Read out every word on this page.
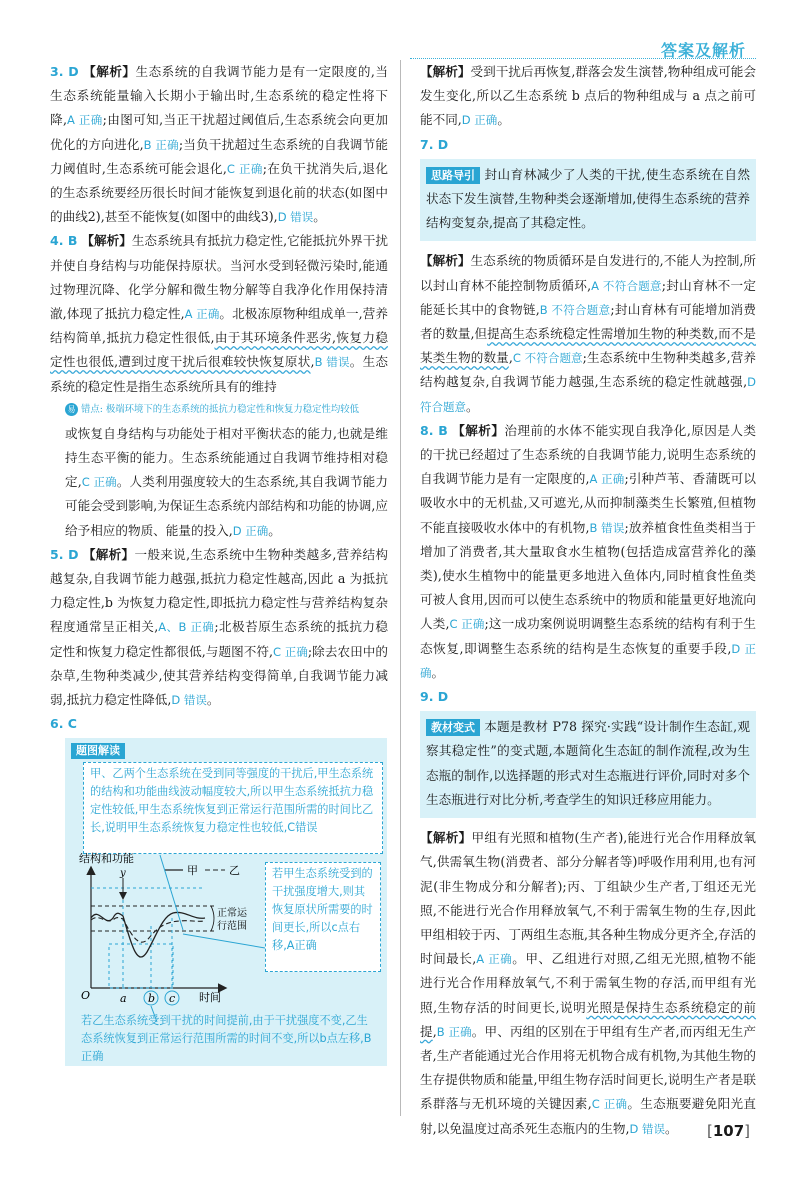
答案及解析

3. D 【解析】生态系统的自我调节能力是有一定限度的,当生态系统能量输入长期小于输出时,生态系统的稳定性将下降,A 正确;由图可知,当正干扰超过阈值后,生态系统会向更加优化的方向进化,B 正确;当负干扰超过生态系统的自我调节能力阈值时,生态系统可能会退化,C 正确;在负干扰消失后,退化的生态系统要经历很长时间才能恢复到退化前的状态(如图中的曲线2),甚至不能恢复(如图中的曲线3),D 错误。

4. B 【解析】生态系统具有抵抗力稳定性,它能抵抗外界干扰并使自身结构与功能保持原状。当河水受到轻微污染时,能通过物理沉降、化学分解和微生物分解等自我净化作用保持清澈,体现了抵抗力稳定性,A 正确。北极冻原物种组成单一,营养结构简单,抵抗力稳定性很低,由于其环境条件恶劣,恢复力稳定性也很低,遭到过度干扰后很难较快恢复原状,B 错误。生态系统的稳定性是指生态系统所具有的维持

易 错点: 极端环境下的生态系统的抵抗力稳定性和恢复力稳定性均较低

或恢复自身结构与功能处于相对平衡状态的能力,也就是维持生态平衡的能力。生态系统能通过自我调节维持相对稳定,C 正确。人类利用强度较大的生态系统,其自我调节能力可能会受到影响,为保证生态系统内部结构和功能的协调,应给予相应的物质、能量的投入,D 正确。

5. D 【解析】一般来说,生态系统中生物种类越多,营养结构越复杂,自我调节能力越强,抵抗力稳定性越高,因此 a 为抵抗力稳定性,b 为恢复力稳定性,即抵抗力稳定性与营养结构复杂程度通常呈正相关,A、B 正确;北极苔原生态系统的抵抗力稳定性和恢复力稳定性都很低,与题图不符,C 正确;除去农田中的杂草,生物种类减少,使其营养结构变得简单,自我调节能力减弱,抵抗力稳定性降低,D 错误。

6. C

题图解读
甲、乙两个生态系统在受到同等强度的干扰后,甲生态系统的结构和功能曲线波动幅度较大,所以甲生态系统抵抗力稳定性较低,甲生态系统恢复到正常运行范围所需的时间比乙长,说明甲生态系统恢复力稳定性也较低,C错误
结构和功能
时间
甲	乙
正常运
行范围
y
O	a b c
若甲生态系统受到的干扰强度增大,则其恢复原状所需要的时间更长,所以c点右移,A正确
若乙生态系统受到干扰的时间提前,由于干扰强度不变,乙生态系统恢复到正常运行范围所需的时间不变,所以b点左移,B正确

【解析】受到干扰后再恢复,群落会发生演替,物种组成可能会发生变化,所以乙生态系统 b 点后的物种组成与 a 点之前可能不同,D 正确。

7. D

思路导引 封山育林减少了人类的干扰,使生态系统在自然状态下发生演替,生物种类会逐渐增加,使得生态系统的营养结构变复杂,提高了其稳定性。

【解析】生态系统的物质循环是自发进行的,不能人为控制,所以封山育林不能控制物质循环,A 不符合题意;封山育林不一定能延长其中的食物链,B 不符合题意;封山育林有可能增加消费者的数量,但提高生态系统稳定性需增加生物的种类数,而不是某类生物的数量,C 不符合题意;生态系统中生物种类越多,营养结构越复杂,自我调节能力越强,生态系统的稳定性就越强,D 符合题意。

8. B 【解析】治理前的水体不能实现自我净化,原因是人类的干扰已经超过了生态系统的自我调节能力,说明生态系统的自我调节能力是有一定限度的,A 正确;引种芦苇、香蒲既可以吸收水中的无机盐,又可遮光,从而抑制藻类生长繁殖,但植物不能直接吸收水体中的有机物,B 错误;放养植食性鱼类相当于增加了消费者,其大量取食水生植物(包括造成富营养化的藻类),使水生植物中的能量更多地进入鱼体内,同时植食性鱼类可被人食用,因而可以使生态系统中的物质和能量更好地流向人类,C 正确;这一成功案例说明调整生态系统的结构有利于生态恢复,即调整生态系统的结构是生态恢复的重要手段,D 正确。

9. D

教材变式 本题是教材 P78 探究·实践“设计制作生态缸,观察其稳定性”的变式题,本题简化生态缸的制作流程,改为生态瓶的制作,以选择题的形式对生态瓶进行评价,同时对多个生态瓶进行对比分析,考查学生的知识迁移应用能力。

【解析】甲组有光照和植物(生产者),能进行光合作用释放氧气,供需氧生物(消费者、部分分解者等)呼吸作用利用,也有河泥(非生物成分和分解者);丙、丁组缺少生产者,丁组还无光照,不能进行光合作用释放氧气,不利于需氧生物的生存,因此甲组相较于丙、丁两组生态瓶,其各种生物成分更齐全,存活的时间最长,A 正确。甲、乙组进行对照,乙组无光照,植物不能进行光合作用释放氧气,不利于需氧生物的存活,而甲组有光照,生物存活的时间更长,说明光照是保持生态系统稳定的前提,B 正确。甲、丙组的区别在于甲组有生产者,而丙组无生产者,生产者能通过光合作用将无机物合成有机物,为其他生物的生存提供物质和能量,甲组生物存活时间更长,说明生产者是联系群落与无机环境的关键因素,C 正确。生态瓶要避免阳光直射,以免温度过高杀死生态瓶内的生物,D 错误。	[107]
